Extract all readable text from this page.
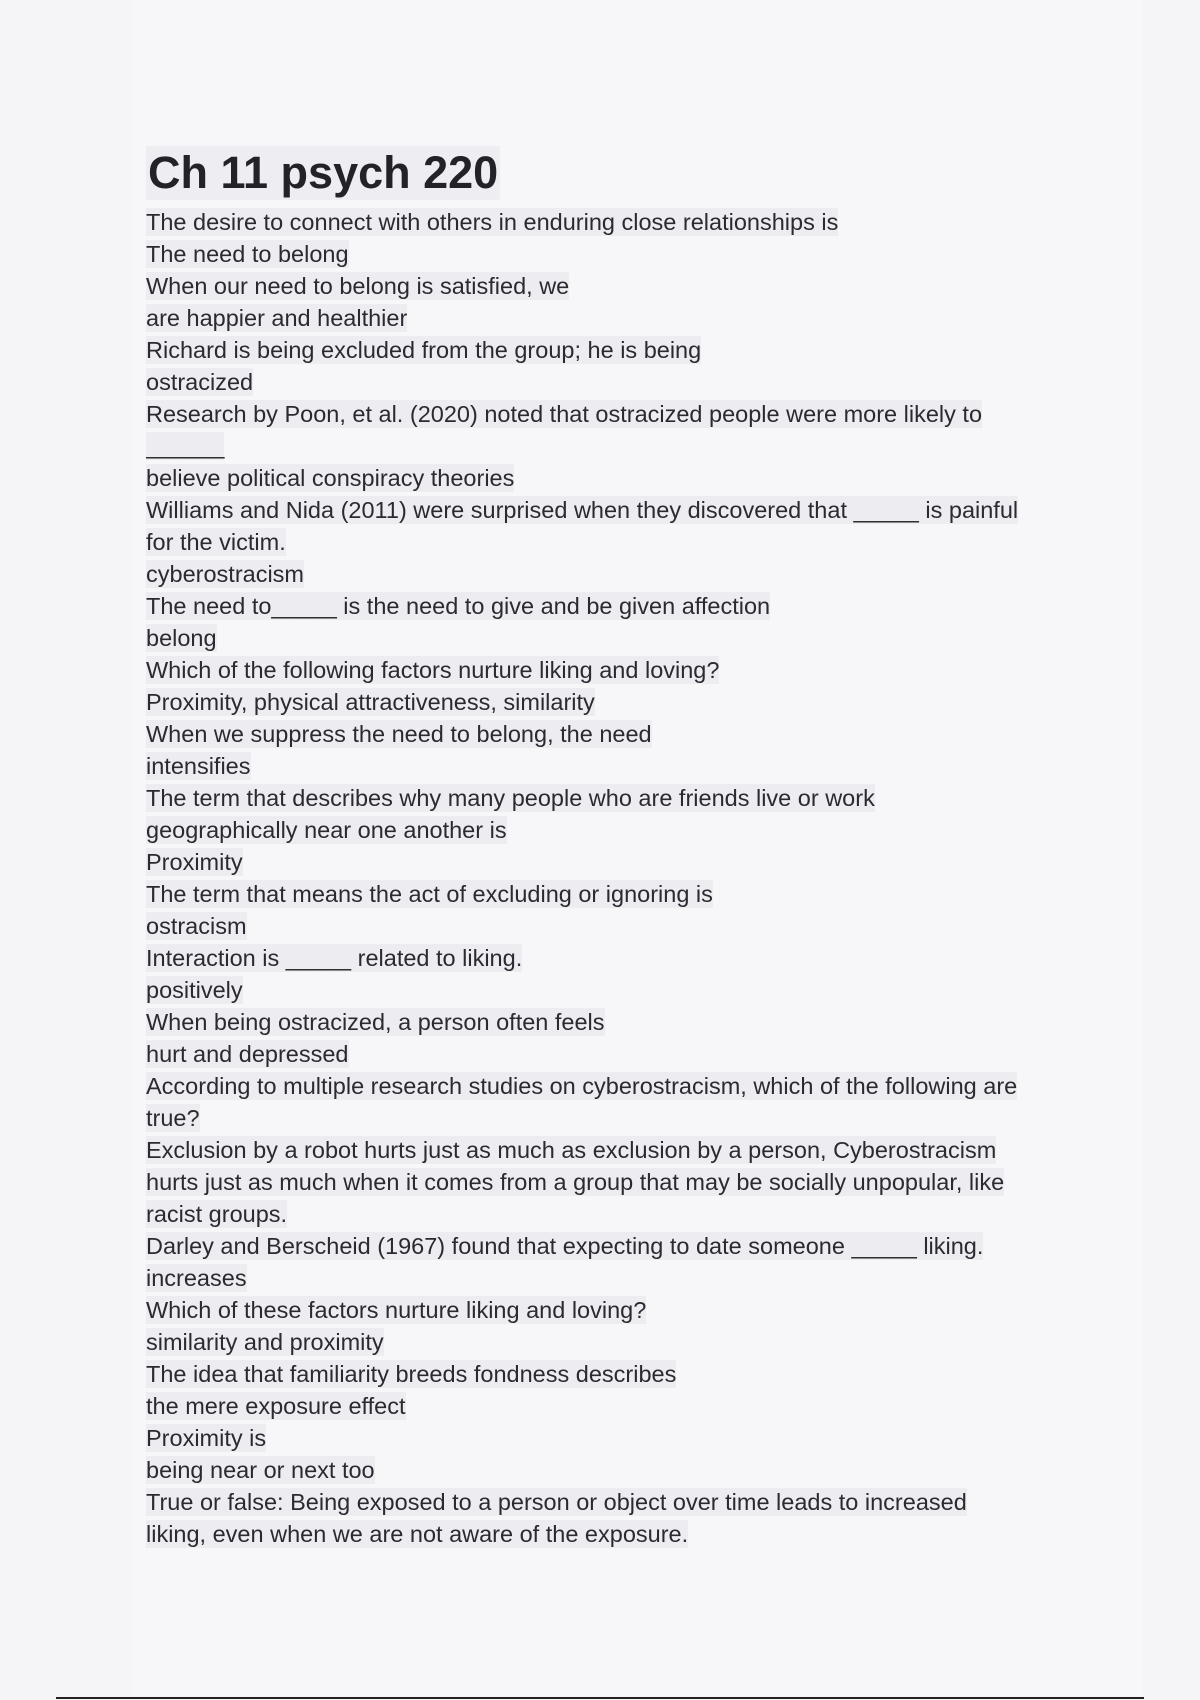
Ch 11 psych 220
The desire to connect with others in enduring close relationships is
The need to belong
When our need to belong is satisfied, we
are happier and healthier
Richard is being excluded from the group; he is being
ostracized
Research by Poon, et al. (2020) noted that ostracized people were more likely to
______
believe political conspiracy theories
Williams and Nida (2011) were surprised when they discovered that _____ is painful
for the victim.
cyberostracism
The need to_____ is the need to give and be given affection
belong
Which of the following factors nurture liking and loving?
Proximity, physical attractiveness, similarity
When we suppress the need to belong, the need
intensifies
The term that describes why many people who are friends live or work
geographically near one another is
Proximity
The term that means the act of excluding or ignoring is
ostracism
Interaction is _____ related to liking.
positively
When being ostracized, a person often feels
hurt and depressed
According to multiple research studies on cyberostracism, which of the following are
true?
Exclusion by a robot hurts just as much as exclusion by a person, Cyberostracism
hurts just as much when it comes from a group that may be socially unpopular, like
racist groups.
Darley and Berscheid (1967) found that expecting to date someone _____ liking.
increases
Which of these factors nurture liking and loving?
similarity and proximity
The idea that familiarity breeds fondness describes
the mere exposure effect
Proximity is
being near or next too
True or false: Being exposed to a person or object over time leads to increased
liking, even when we are not aware of the exposure.
